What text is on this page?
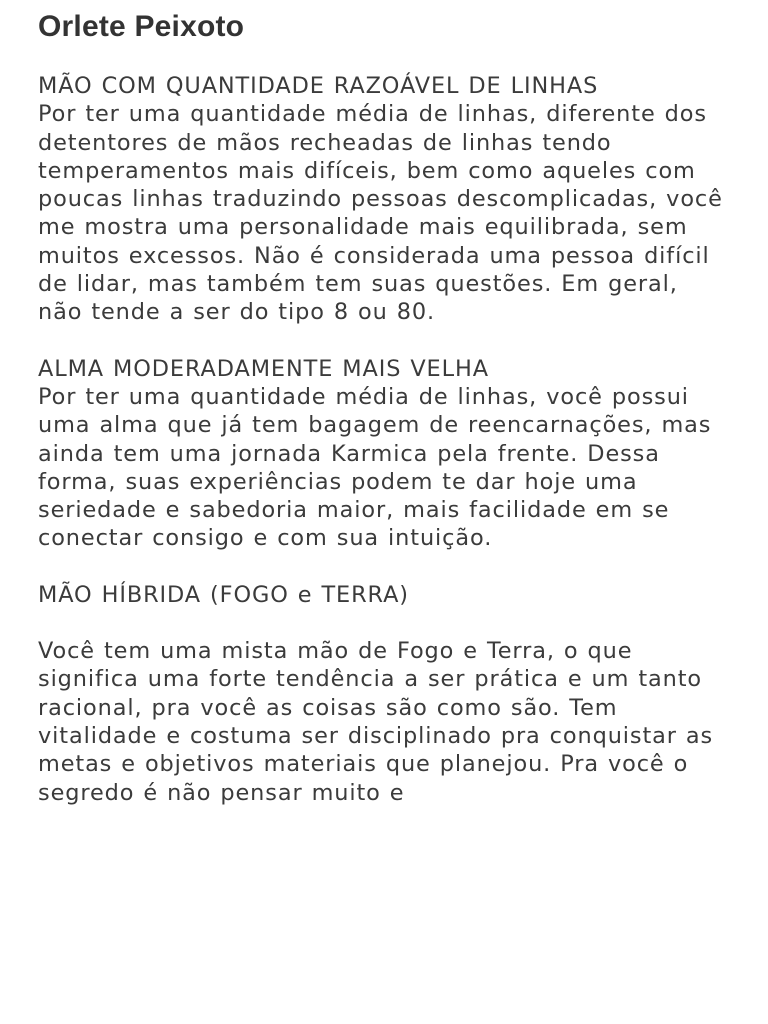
Orlete Peixoto

MÃO COM QUANTIDADE RAZOÁVEL DE LINHAS
Por ter uma quantidade média de linhas, diferente dos detentores de mãos recheadas de linhas tendo temperamentos mais difíceis, bem como aqueles com poucas linhas traduzindo pessoas descomplicadas, você me mostra uma personalidade mais equilibrada, sem muitos excessos. Não é considerada uma pessoa difícil de lidar, mas também tem suas questões. Em geral, não tende a ser do tipo 8 ou 80.

ALMA MODERADAMENTE MAIS VELHA
Por ter uma quantidade média de linhas, você possui uma alma que já tem bagagem de reencarnações, mas ainda tem uma jornada Karmica pela frente. Dessa forma, suas experiências podem te dar hoje uma seriedade e sabedoria maior, mais facilidade em se conectar consigo e com sua intuição.

MÃO HÍBRIDA (FOGO e TERRA)

Você tem uma mista mão de Fogo e Terra, o que significa uma forte tendência a ser prática e um tanto racional, pra você as coisas são como são. Tem vitalidade e costuma ser disciplinado pra conquistar as metas e objetivos materiais que planejou. Pra você o segredo é não pensar muito e
